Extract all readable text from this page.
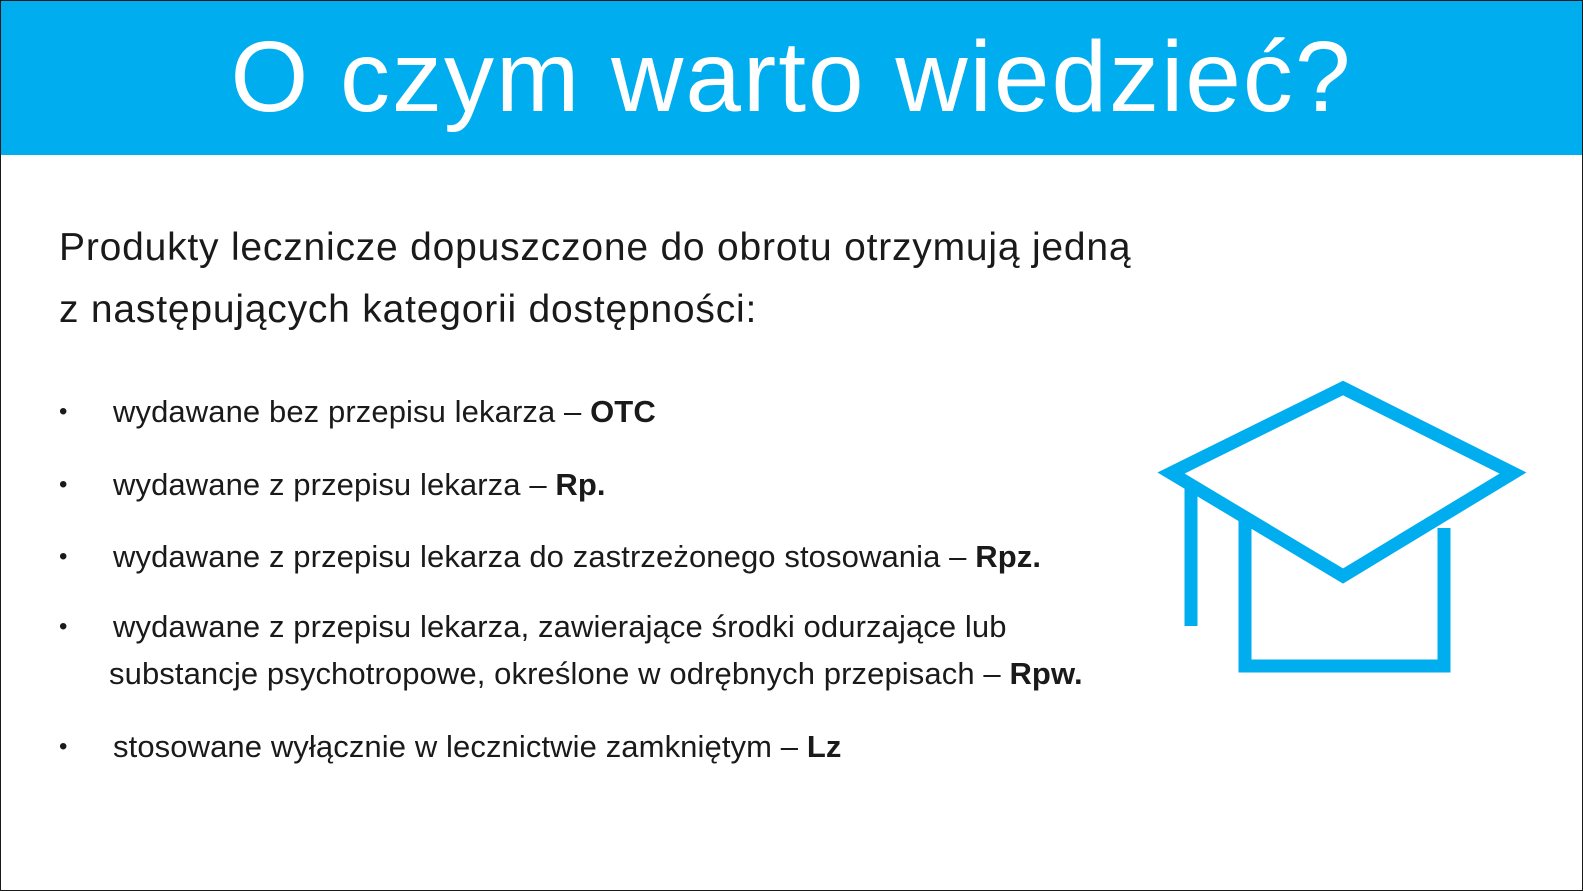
O czym warto wiedzieć?
Produkty lecznicze dopuszczone do obrotu otrzymują jedną
z następujących kategorii dostępności:
•	wydawane bez przepisu lekarza – OTC
•	wydawane z przepisu lekarza – Rp.
•	wydawane z przepisu lekarza do zastrzeżonego stosowania – Rpz.
•	wydawane z przepisu lekarza, zawierające środki odurzające lub
substancje psychotropowe, określone w odrębnych przepisach – Rpw.
•	stosowane wyłącznie w lecznictwie zamkniętym – Lz
